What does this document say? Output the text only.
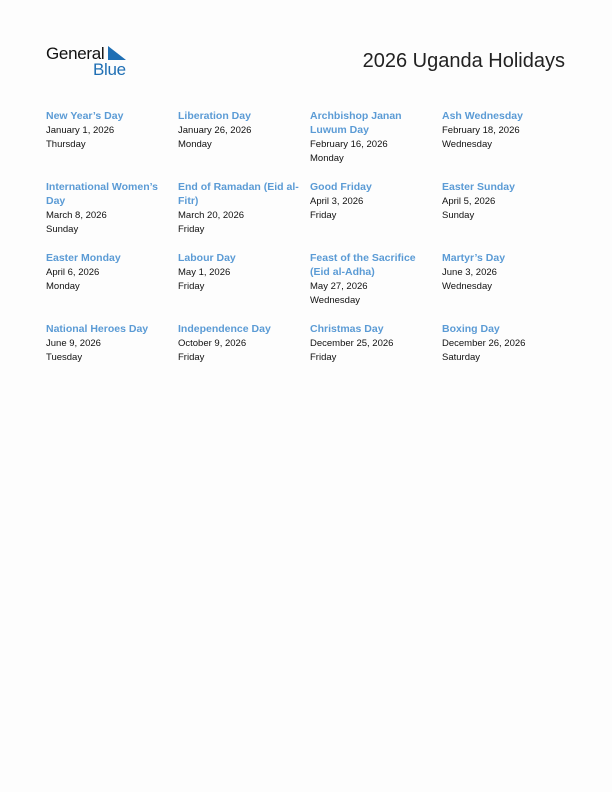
General
Blue	2026 Uganda Holidays
New Year’s Day
January 1, 2026
Thursday
Liberation Day
January 26, 2026
Monday
Archbishop Janan Luwum Day
February 16, 2026
Monday
Ash Wednesday
February 18, 2026
Wednesday
International Women’s Day
March 8, 2026
Sunday
End of Ramadan (Eid al-Fitr)
March 20, 2026
Friday
Good Friday
April 3, 2026
Friday
Easter Sunday
April 5, 2026
Sunday
Easter Monday
April 6, 2026
Monday
Labour Day
May 1, 2026
Friday
Feast of the Sacrifice (Eid al-Adha)
May 27, 2026
Wednesday
Martyr’s Day
June 3, 2026
Wednesday
National Heroes Day
June 9, 2026
Tuesday
Independence Day
October 9, 2026
Friday
Christmas Day
December 25, 2026
Friday
Boxing Day
December 26, 2026
Saturday
